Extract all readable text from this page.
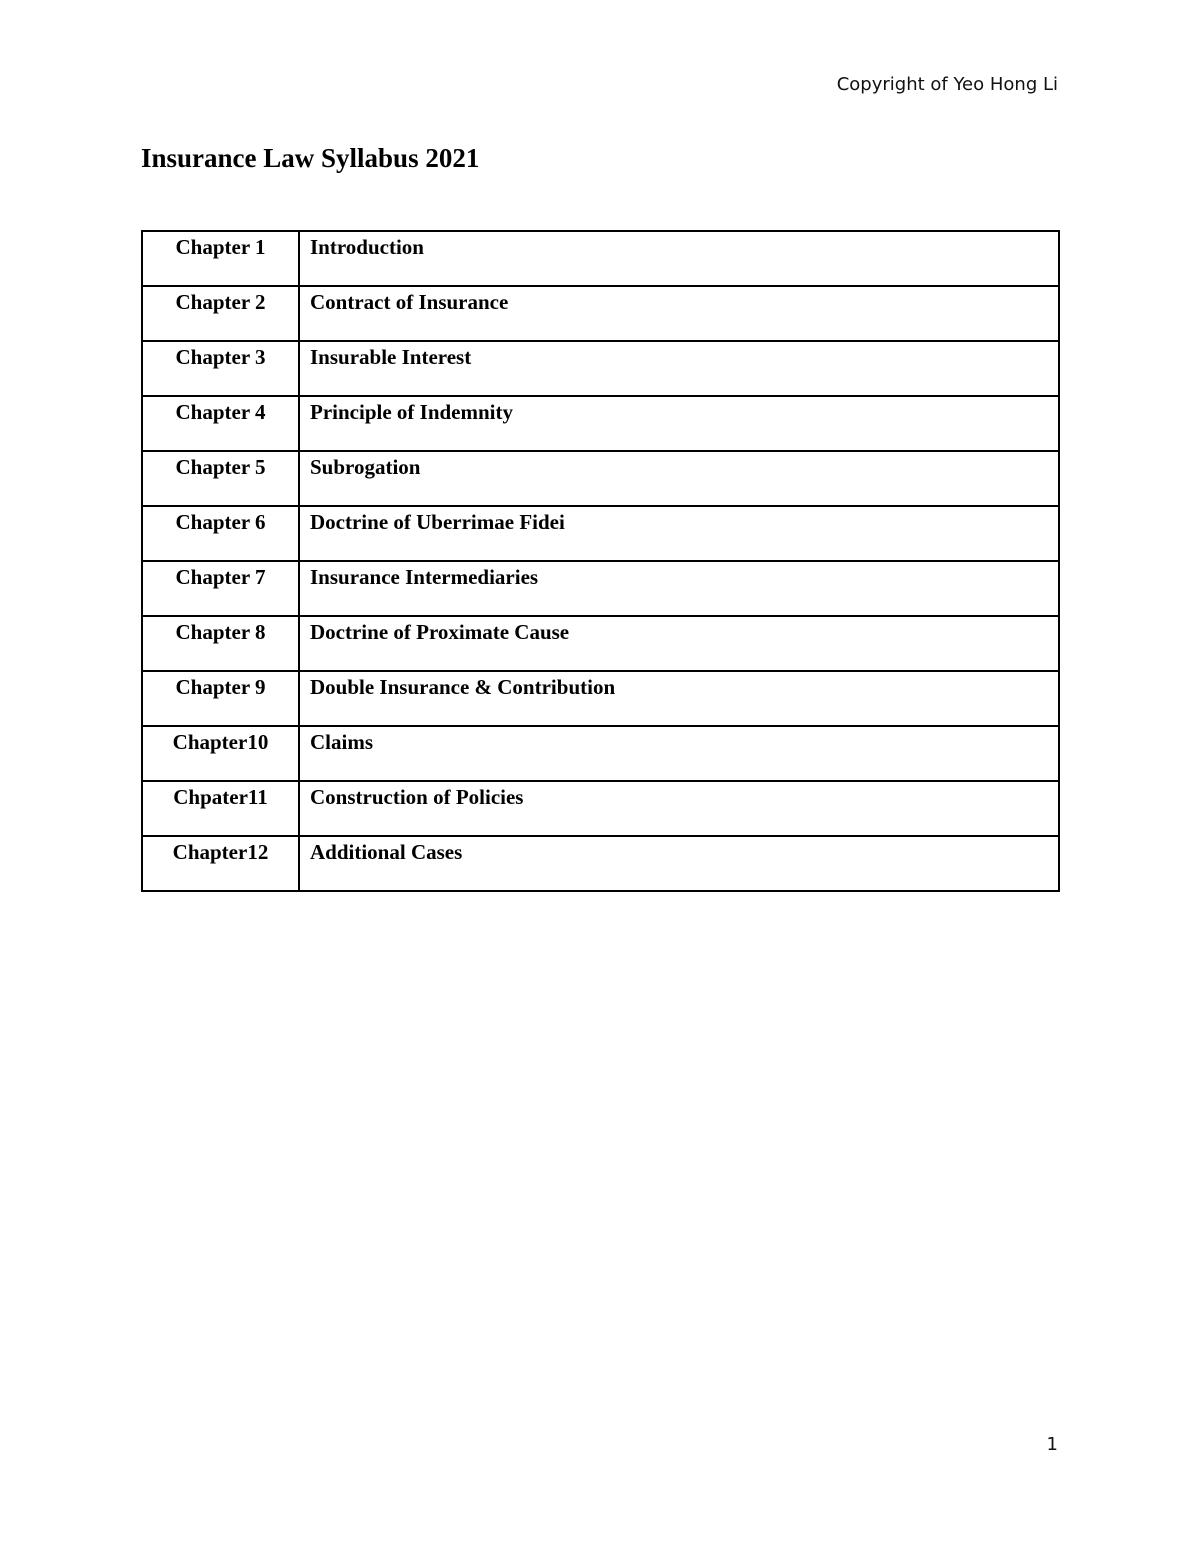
Copyright of Yeo Hong Li
Insurance Law Syllabus 2021
Chapter 1	Introduction
Chapter 2	Contract of Insurance
Chapter 3	Insurable Interest
Chapter 4	Principle of Indemnity
Chapter 5	Subrogation
Chapter 6	Doctrine of Uberrimae Fidei
Chapter 7	Insurance Intermediaries
Chapter 8	Doctrine of Proximate Cause
Chapter 9	Double Insurance & Contribution
Chapter10	Claims
Chpater11	Construction of Policies
Chapter12	Additional Cases
1
